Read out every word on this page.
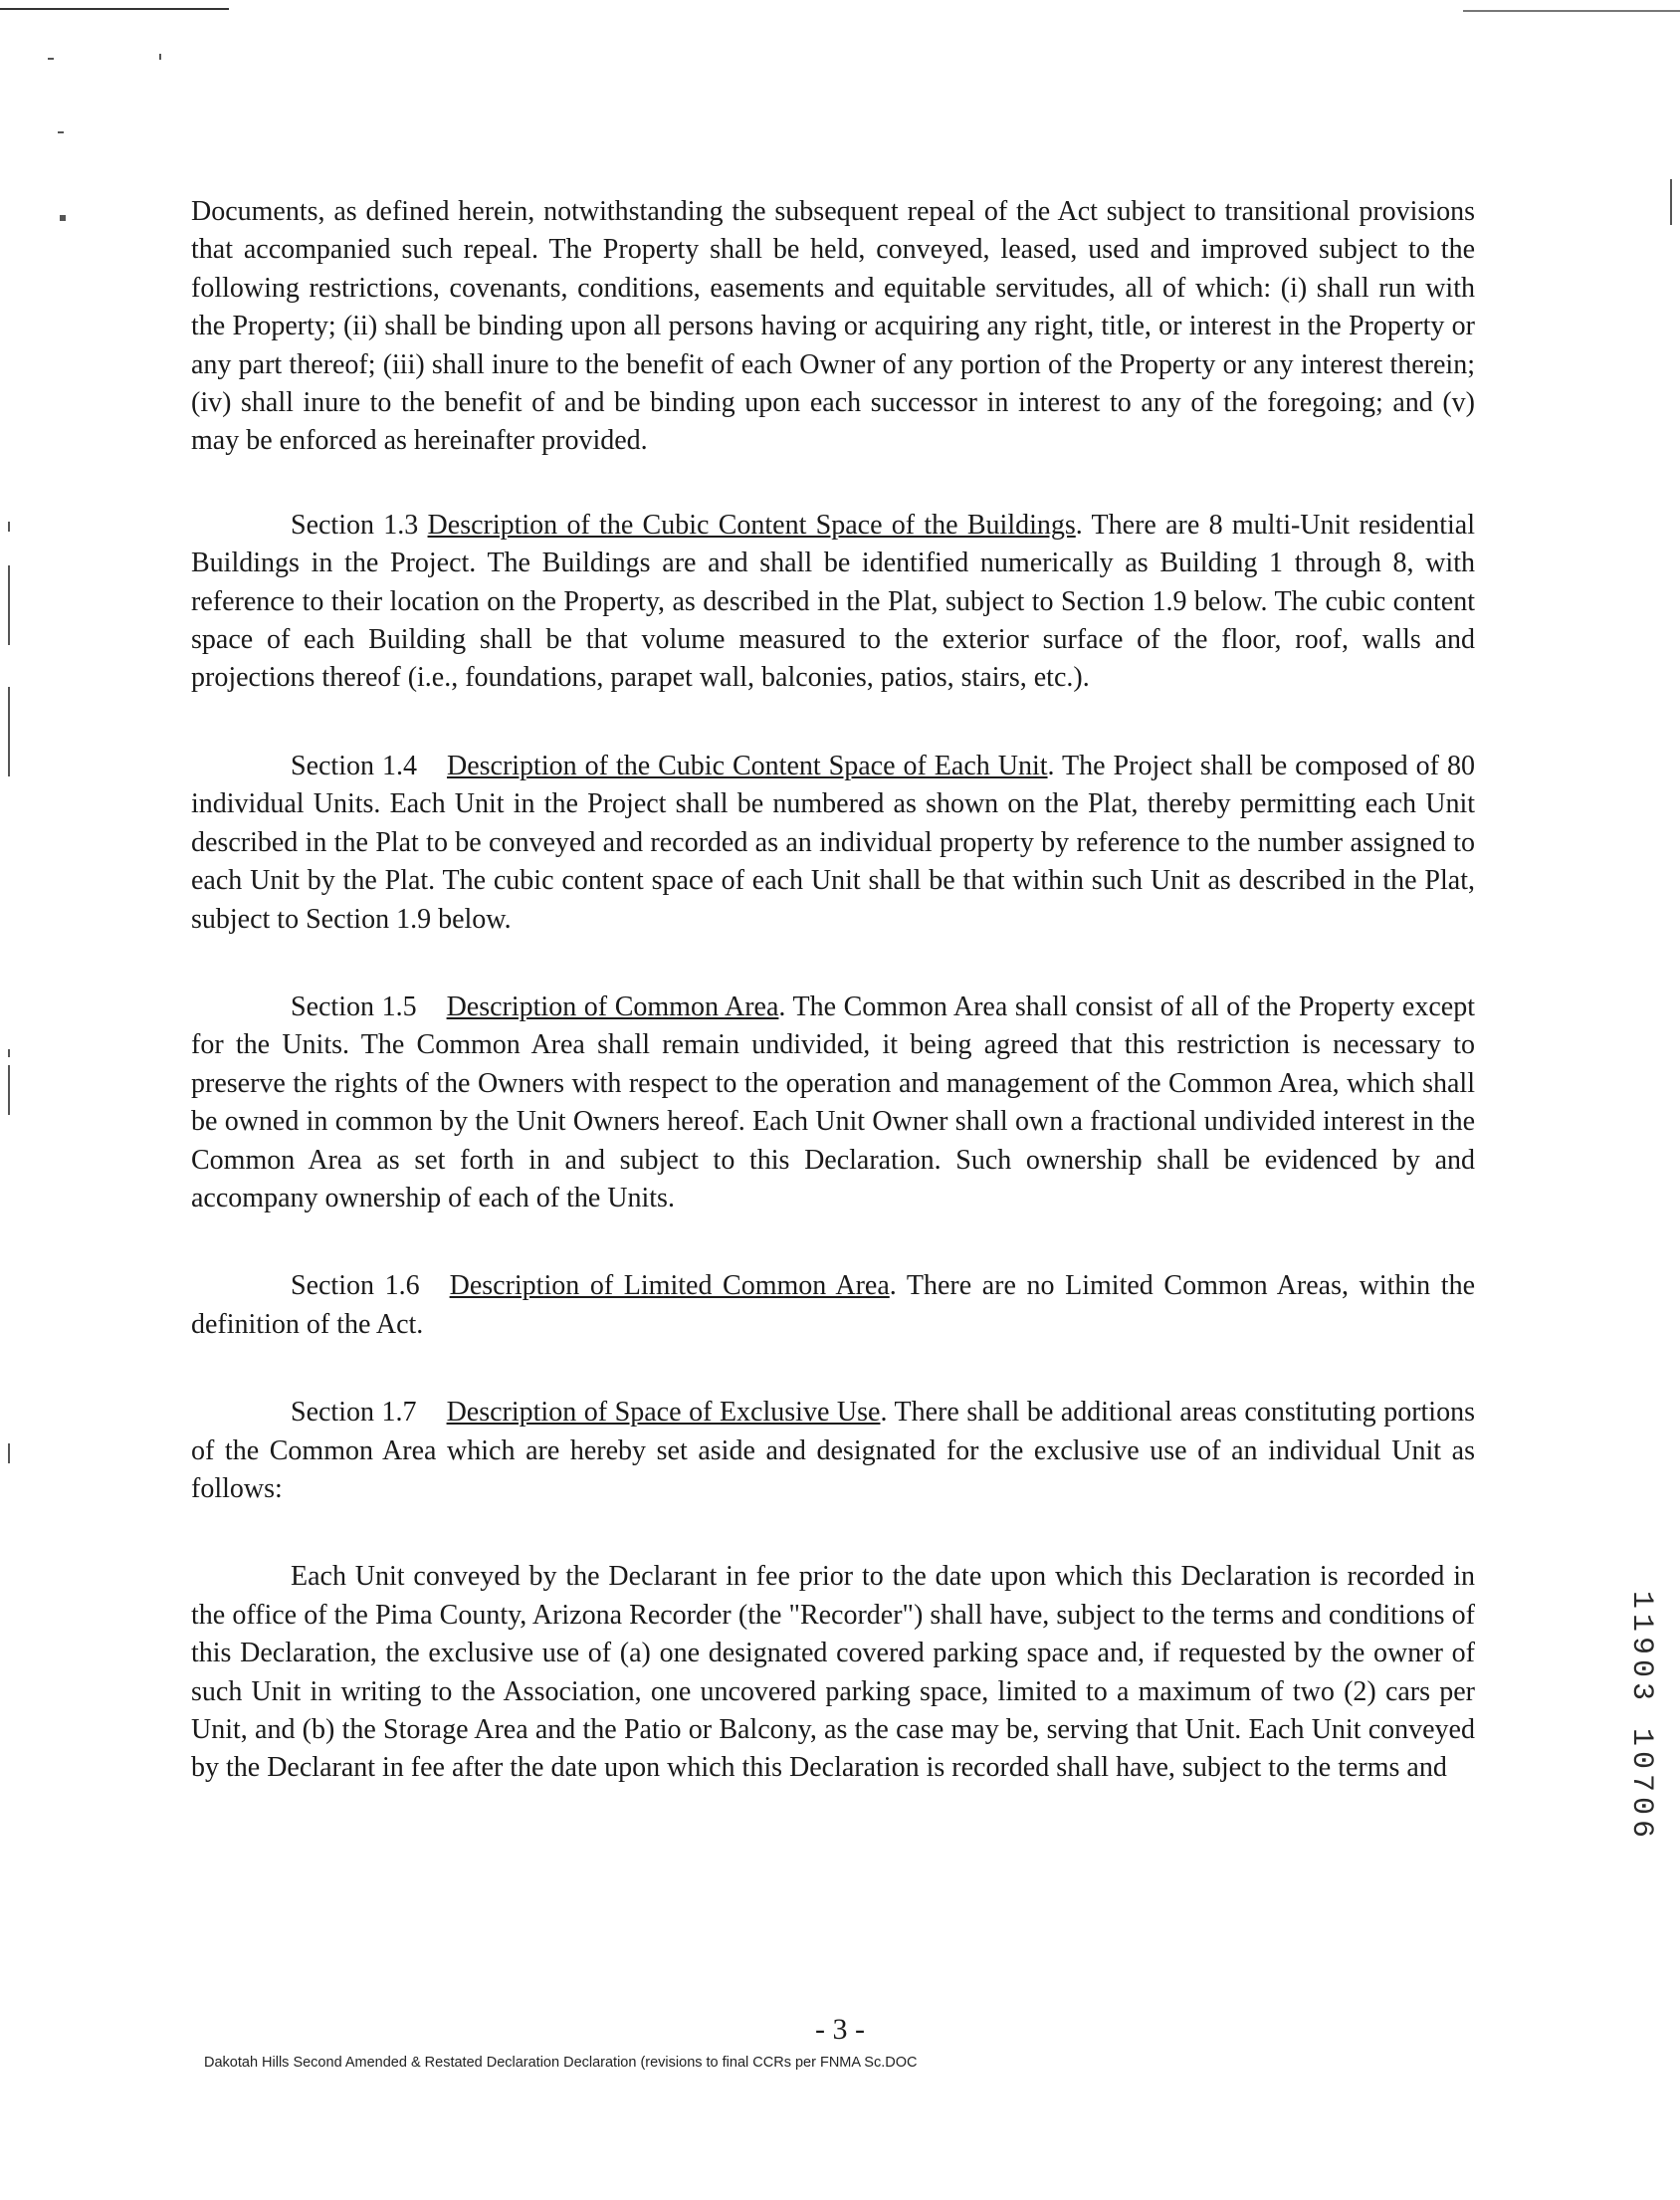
Documents, as defined herein, notwithstanding the subsequent repeal of the Act subject to transitional provisions that accompanied such repeal. The Property shall be held, conveyed, leased, used and improved subject to the following restrictions, covenants, conditions, easements and equitable servitudes, all of which: (i) shall run with the Property; (ii) shall be binding upon all persons having or acquiring any right, title, or interest in the Property or any part thereof; (iii) shall inure to the benefit of each Owner of any portion of the Property or any interest therein; (iv) shall inure to the benefit of and be binding upon each successor in interest to any of the foregoing; and (v) may be enforced as hereinafter provided.

Section 1.3 Description of the Cubic Content Space of the Buildings. There are 8 multi-Unit residential Buildings in the Project. The Buildings are and shall be identified numerically as Building 1 through 8, with reference to their location on the Property, as described in the Plat, subject to Section 1.9 below. The cubic content space of each Building shall be that volume measured to the exterior surface of the floor, roof, walls and projections thereof (i.e., foundations, parapet wall, balconies, patios, stairs, etc.).

Section 1.4 Description of the Cubic Content Space of Each Unit. The Project shall be composed of 80 individual Units. Each Unit in the Project shall be numbered as shown on the Plat, thereby permitting each Unit described in the Plat to be conveyed and recorded as an individual property by reference to the number assigned to each Unit by the Plat. The cubic content space of each Unit shall be that within such Unit as described in the Plat, subject to Section 1.9 below.

Section 1.5 Description of Common Area. The Common Area shall consist of all of the Property except for the Units. The Common Area shall remain undivided, it being agreed that this restriction is necessary to preserve the rights of the Owners with respect to the operation and management of the Common Area, which shall be owned in common by the Unit Owners hereof. Each Unit Owner shall own a fractional undivided interest in the Common Area as set forth in and subject to this Declaration. Such ownership shall be evidenced by and accompany ownership of each of the Units.

Section 1.6 Description of Limited Common Area. There are no Limited Common Areas, within the definition of the Act.

Section 1.7 Description of Space of Exclusive Use. There shall be additional areas constituting portions of the Common Area which are hereby set aside and designated for the exclusive use of an individual Unit as follows:

Each Unit conveyed by the Declarant in fee prior to the date upon which this Declaration is recorded in the office of the Pima County, Arizona Recorder (the "Recorder") shall have, subject to the terms and conditions of this Declaration, the exclusive use of (a) one designated covered parking space and, if requested by the owner of such Unit in writing to the Association, one uncovered parking space, limited to a maximum of two (2) cars per Unit, and (b) the Storage Area and the Patio or Balcony, as the case may be, serving that Unit. Each Unit conveyed by the Declarant in fee after the date upon which this Declaration is recorded shall have, subject to the terms and	11903 10706
- 3 -
Dakotah Hills Second Amended & Restated Declaration Declaration (revisions to final CCRs per FNMA Sc.DOC
